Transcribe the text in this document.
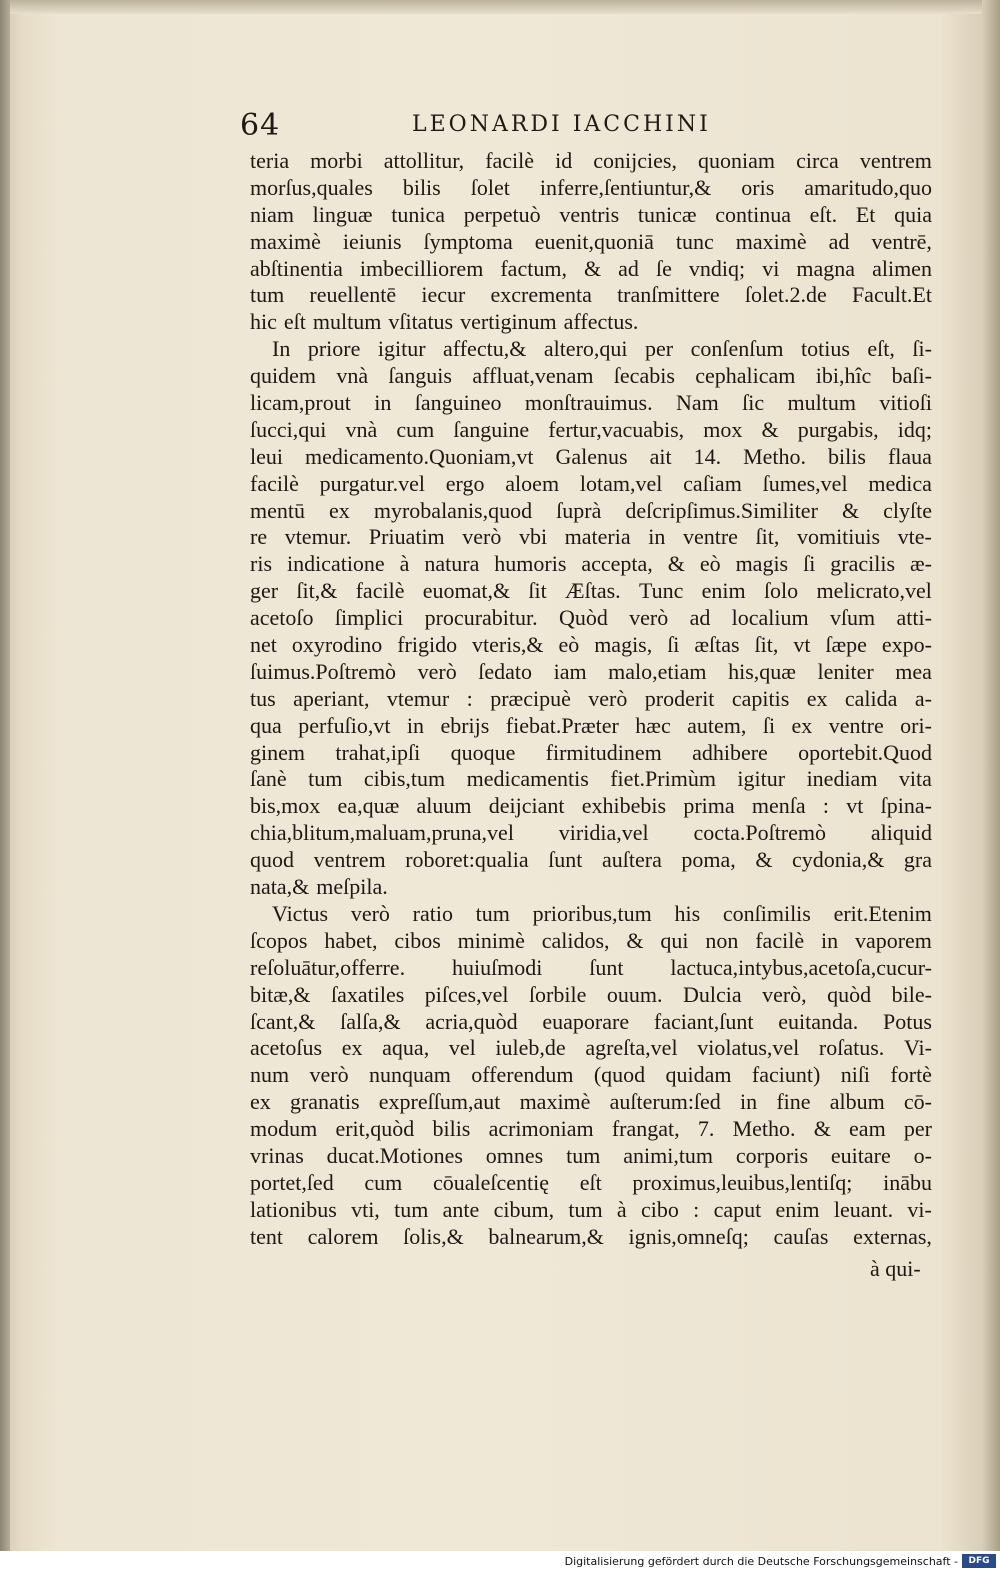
64	LEONARDI IACCHINI
teria morbi attollitur, facilè id conijcies, quoniam circa ventrem
morſus,quales bilis ſolet inferre,ſentiuntur,& oris amaritudo,quo
niam linguæ tunica perpetuò ventris tunicæ continua eſt. Et quia
maximè ieiunis ſymptoma euenit,quoniā tunc maximè ad ventrē,
abſtinentia imbecilliorem factum, & ad ſe vndiq; vi magna alimen
tum reuellentē iecur excrementa tranſmittere ſolet.2.de Facult.Et
hic eſt multum vſitatus vertiginum affectus.
In priore igitur affectu,& altero,qui per conſenſum totius eſt, ſi-
quidem vnà ſanguis affluat,venam ſecabis cephalicam ibi,hîc baſi-
licam,prout in ſanguineo monſtrauimus. Nam ſic multum vitioſi
ſucci,qui vnà cum ſanguine fertur,vacuabis, mox & purgabis, idq;
leui medicamento.Quoniam,vt Galenus ait 14. Metho. bilis flaua
facilè purgatur.vel ergo aloem lotam,vel caſiam ſumes,vel medica
mentū ex myrobalanis,quod ſuprà deſcripſimus.Similiter & clyſte
re vtemur. Priuatim verò vbi materia in ventre ſit, vomitiuis vte-
ris indicatione à natura humoris accepta, & eò magis ſi gracilis æ-
ger ſit,& facilè euomat,& ſit Æſtas. Tunc enim ſolo melicrato,vel
acetoſo ſimplici procurabitur. Quòd verò ad localium vſum atti-
net oxyrodino frigido vteris,& eò magis, ſi æſtas ſit, vt ſæpe expo-
ſuimus.Poſtremò verò ſedato iam malo,etiam his,quæ leniter mea
tus aperiant, vtemur : præcipuè verò proderit capitis ex calida a-
qua perfuſio,vt in ebrijs fiebat.Præter hæc autem, ſi ex ventre ori-
ginem trahat,ipſi quoque firmitudinem adhibere oportebit.Quod
ſanè tum cibis,tum medicamentis fiet.Primùm igitur inediam vita
bis,mox ea,quæ aluum deijciant exhibebis prima menſa : vt ſpina-
chia,blitum,maluam,pruna,vel viridia,vel cocta.Poſtremò aliquid
quod ventrem roboret:qualia ſunt auſtera poma, & cydonia,& gra
nata,& meſpila.
Victus verò ratio tum prioribus,tum his conſimilis erit.Etenim
ſcopos habet, cibos minimè calidos, & qui non facilè in vaporem
reſoluātur,offerre. huiuſmodi ſunt lactuca,intybus,acetoſa,cucur-
bitæ,& ſaxatiles piſces,vel ſorbile ouum. Dulcia verò, quòd bile-
ſcant,& ſalſa,& acria,quòd euaporare faciant,ſunt euitanda. Potus
acetoſus ex aqua, vel iuleb,de agreſta,vel violatus,vel roſatus. Vi-
num verò nunquam offerendum (quod quidam faciunt) niſi fortè
ex granatis expreſſum,aut maximè auſterum:ſed in fine album cō-
modum erit,quòd bilis acrimoniam frangat, 7. Metho. & eam per
vrinas ducat.Motiones omnes tum animi,tum corporis euitare o-
portet,ſed cum cōualeſcentię eſt proximus,leuibus,lentiſq; inābu
lationibus vti, tum ante cibum, tum à cibo : caput enim leuant. vi-
tent calorem ſolis,& balnearum,& ignis,omneſq; cauſas externas,
à qui-
Digitalisierung gefördert durch die Deutsche Forschungsgemeinschaft -	DFG
